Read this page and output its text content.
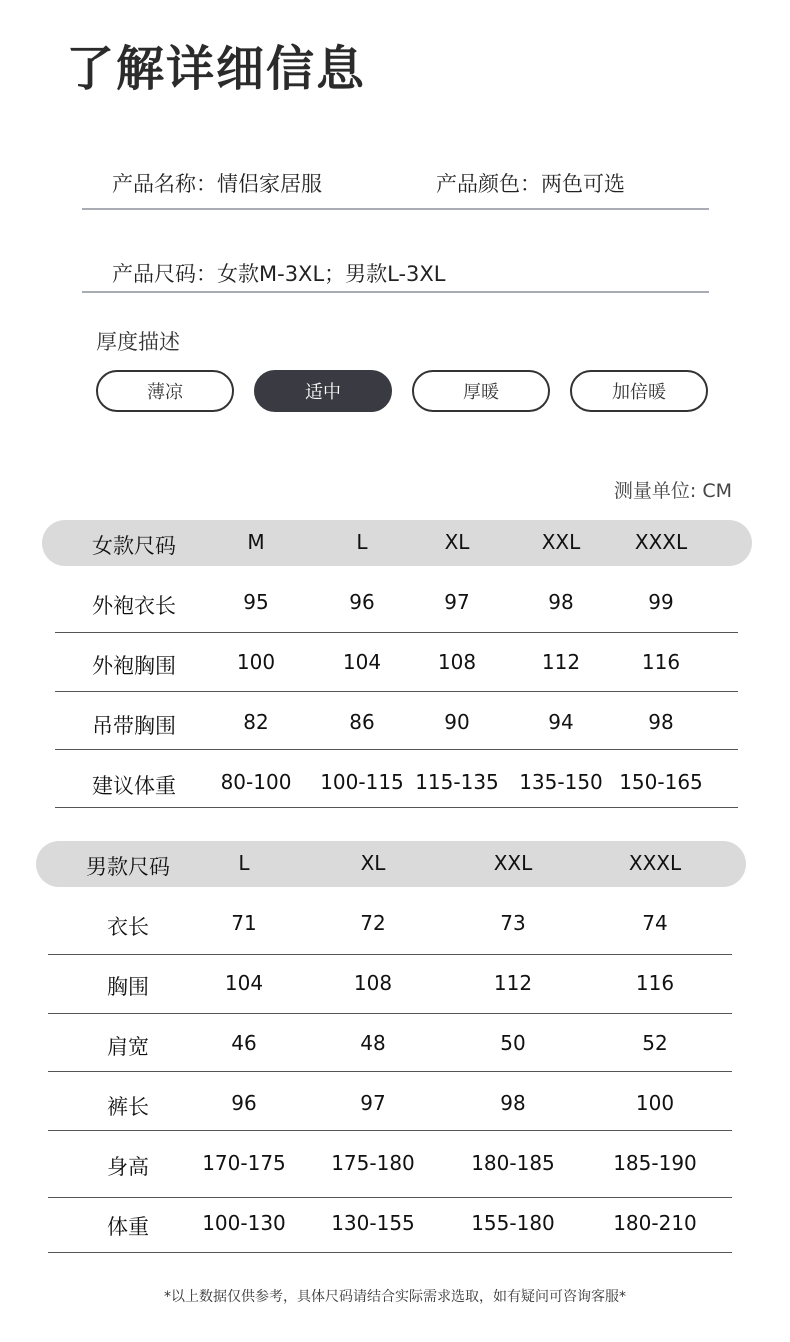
了解详细信息
产品名称：情侣家居服	产品颜色：两色可选
产品尺码：女款M-3XL；男款L-3XL
厚度描述
薄凉	适中	厚暖	加倍暖
测量单位: CM
女款尺码	M	L	XL	XXL	XXXL
外袍衣长	95	96	97	98	99
外袍胸围	100	104	108	112	116
吊带胸围	82	86	90	94	98
建议体重 80-100 100-115 115-135 135-150 150-165
男款尺码	L	XL	XXL	XXXL
衣长	71	72	73	74
胸围	104	108	112	116
肩宽	46	48	50	52
裤长	96	97	98	100
身高	170-175 175-180	180-185	185-190
体重	100-130 130-155	155-180	180-210
*以上数据仅供参考，具体尺码请结合实际需求选取，如有疑问可咨询客服*
